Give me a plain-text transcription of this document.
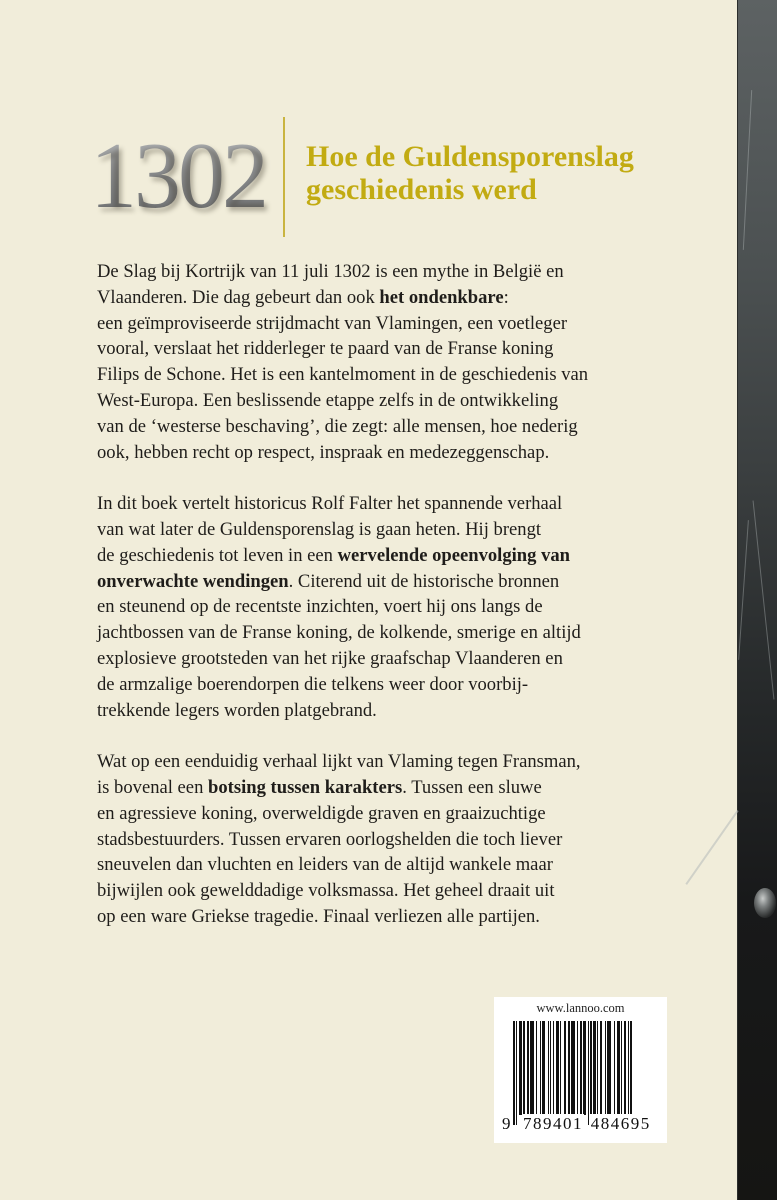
1302 Hoe de Guldensporenslag
geschiedenis werd
De Slag bij Kortrijk van 11 juli 1302 is een mythe in België en
Vlaanderen. Die dag gebeurt dan ook het ondenkbare:
een geïmproviseerde strijdmacht van Vlamingen, een voetleger
vooral, verslaat het ridderleger te paard van de Franse koning
Filips de Schone. Het is een kantelmoment in de geschiedenis van
West-Europa. Een beslissende etappe zelfs in de ontwikkeling
van de ‘westerse beschaving’, die zegt: alle mensen, hoe nederig
ook, hebben recht op respect, inspraak en medezeggenschap.
In dit boek vertelt historicus Rolf Falter het spannende verhaal
van wat later de Guldensporenslag is gaan heten. Hij brengt
de geschiedenis tot leven in een wervelende opeenvolging van
onverwachte wendingen. Citerend uit de historische bronnen
en steunend op de recentste inzichten, voert hij ons langs de
jachtbossen van de Franse koning, de kolkende, smerige en altijd
explosieve grootsteden van het rijke graafschap Vlaanderen en
de armzalige boerendorpen die telkens weer door voorbij-
trekkende legers worden platgebrand.
Wat op een eenduidig verhaal lijkt van Vlaming tegen Fransman,
is bovenal een botsing tussen karakters. Tussen een sluwe
en agressieve koning, overweldigde graven en graaizuchtige
stadsbestuurders. Tussen ervaren oorlogshelden die toch liever
sneuvelen dan vluchten en leiders van de altijd wankele maar
bijwijlen ook gewelddadige volksmassa. Het geheel draait uit
op een ware Griekse tragedie. Finaal verliezen alle partijen.
www.lannoo.com
9 789401 484695
